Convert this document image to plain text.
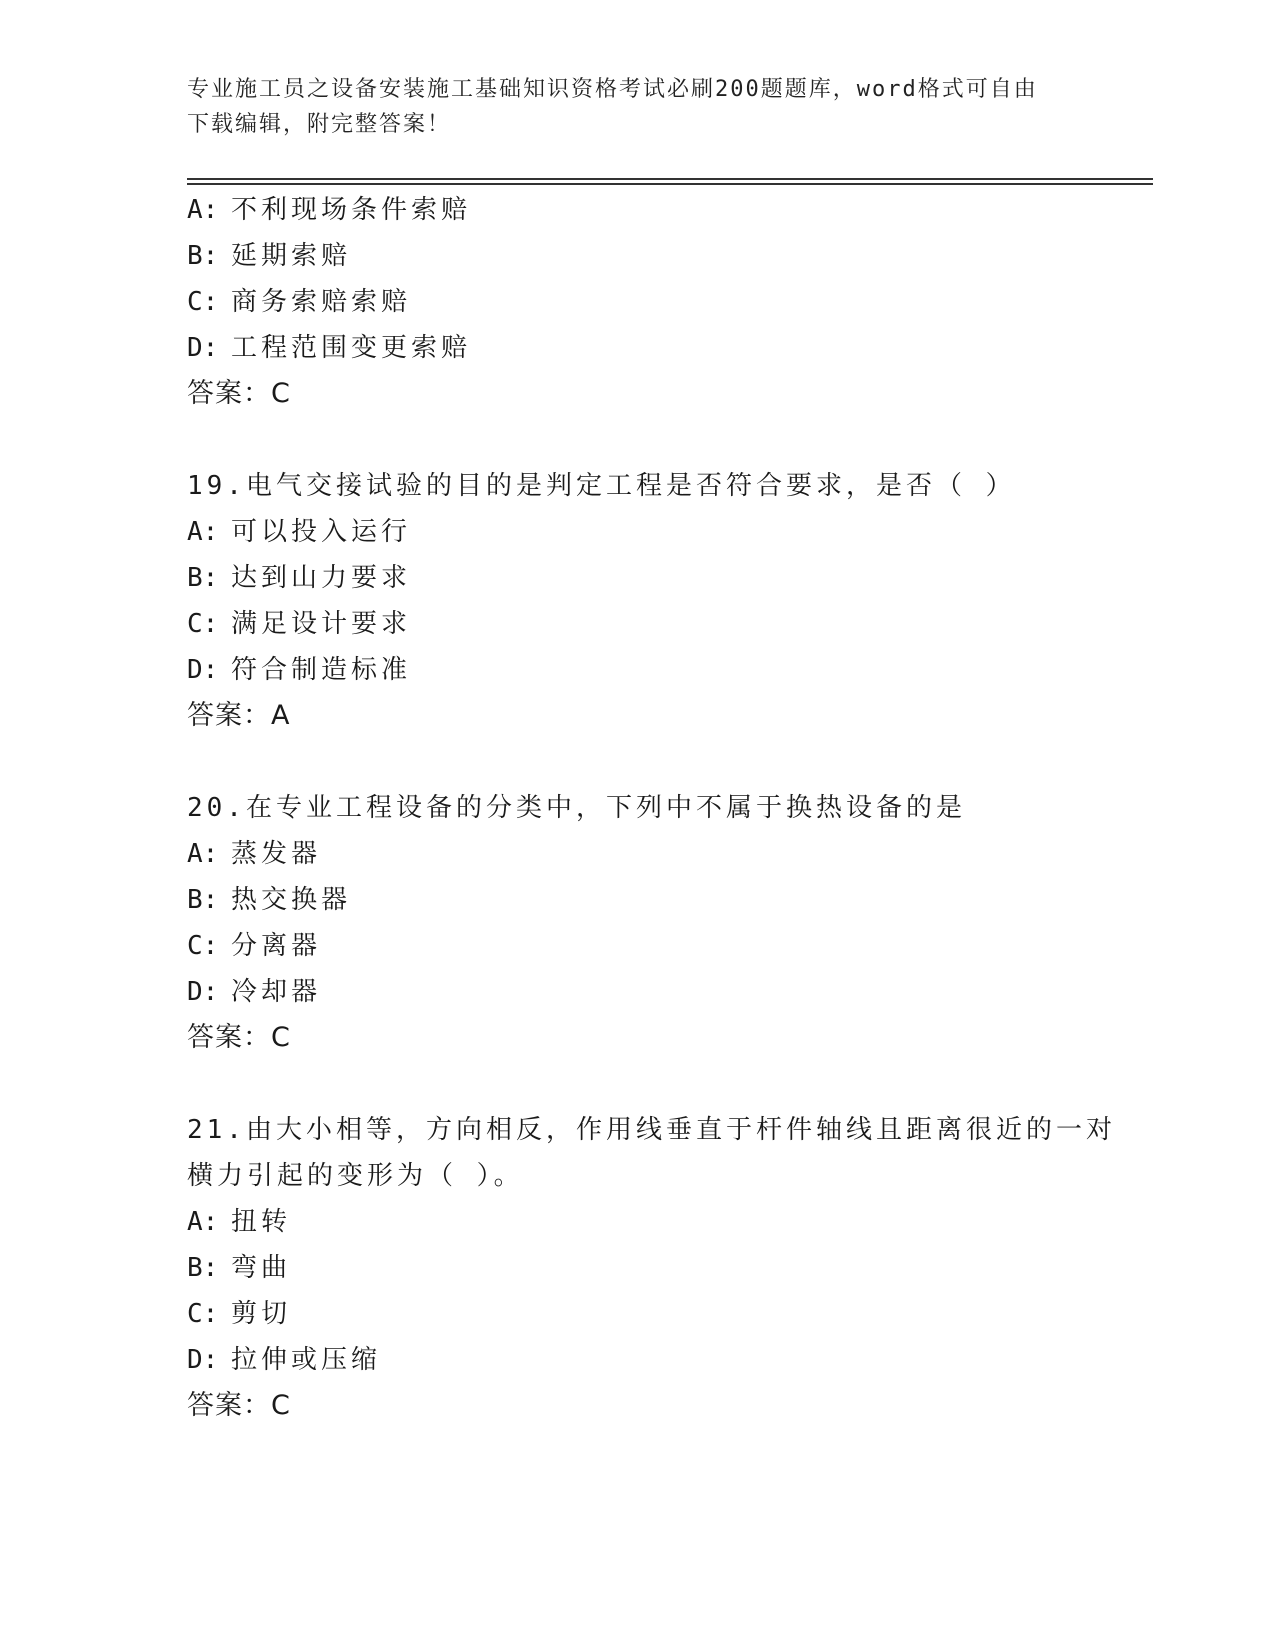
专业施工员之设备安装施工基础知识资格考试必刷200题题库，word格式可自由
下载编辑，附完整答案！
A: 不利现场条件索赔
B: 延期索赔
C: 商务索赔索赔
D: 工程范围变更索赔
答案：C
19.电气交接试验的目的是判定工程是否符合要求，是否（ ）
A: 可以投入运行
B: 达到山力要求
C: 满足设计要求
D: 符合制造标准
答案：A
20.在专业工程设备的分类中，下列中不属于换热设备的是
A: 蒸发器
B: 热交换器
C: 分离器
D: 冷却器
答案：C
21.由大小相等，方向相反，作用线垂直于杆件轴线且距离很近的一对
横力引起的变形为（ ）。
A: 扭转
B: 弯曲
C: 剪切
D: 拉伸或压缩
答案：C
